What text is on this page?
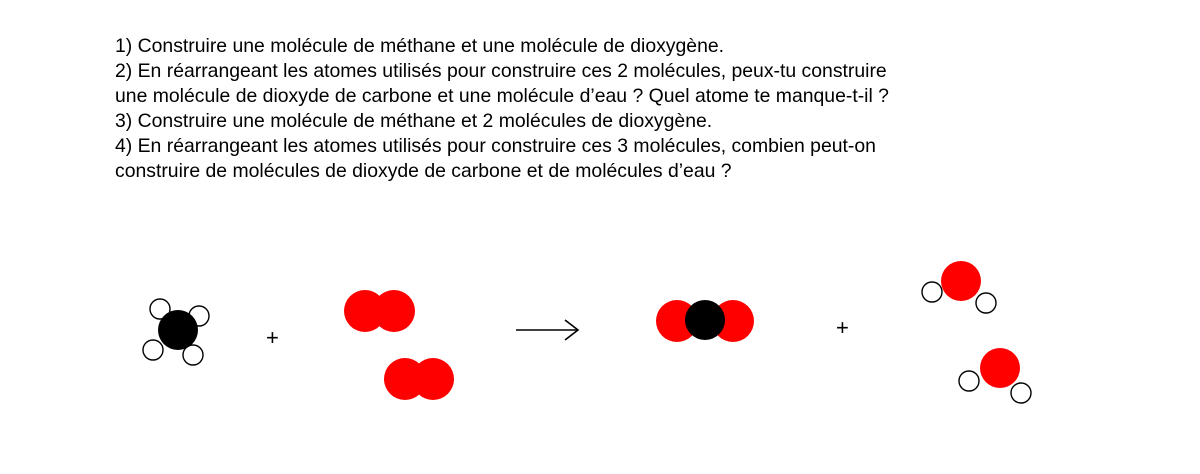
1) Construire une molécule de méthane et une molécule de dioxygène.
2) En réarrangeant les atomes utilisés pour construire ces 2 molécules, peux-tu construire
une molécule de dioxyde de carbone et une molécule d’eau ? Quel atome te manque-t-il ?
3) Construire une molécule de méthane et 2 molécules de dioxygène.
4) En réarrangeant les atomes utilisés pour construire ces 3 molécules, combien peut-on
construire de molécules de dioxyde de carbone et de molécules d’eau ?
+	+
